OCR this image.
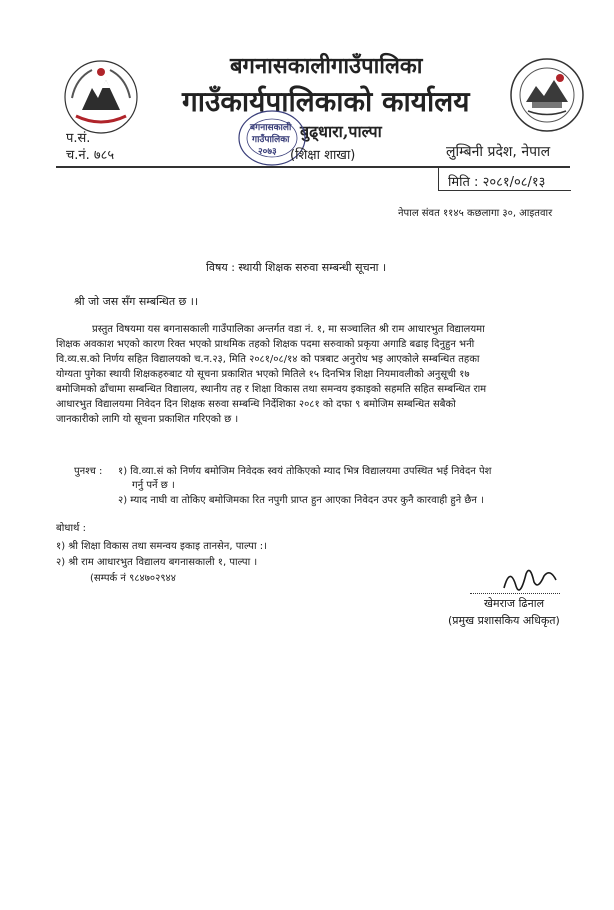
बगनासकालीगाउँपालिका
गाउँकार्यपालिकाको कार्यालय
बुढ्धारा,पाल्पा
बगनासकाली
गाउँपालिका
२०७३ (शिक्षा शाखा)	लुम्बिनी प्रदेश, नेपाल
प.सं.
च.नं. ७८५
मिति : २०८१/०८/१३
नेपाल संवत ११४५ कछलागा ३०, आइतवार
विषय : स्थायी शिक्षक सरुवा सम्बन्धी सूचना ।
श्री जो जस सँग सम्बन्धित छ ।।
प्रस्तुत विषयमा यस बगनासकाली गाउँपालिका अन्तर्गत वडा नं. १, मा सञ्चालित श्री राम आधारभुत विद्यालयमा
शिक्षक अवकाश भएको कारण रिक्त भएको प्राथमिक तहको शिक्षक पदमा सरुवाको प्रकृया अगाडि बढाइ दिनुहुन भनी
वि.व्य.स.को निर्णय सहित विद्यालयको च.न.२३, मिति २०८१/०८/१४ को पत्रबाट अनुरोध भइ आएकोले सम्बन्धित तहका
योग्यता पुगेका स्थायी शिक्षकहरुबाट यो सूचना प्रकाशित भएको मितिले १५ दिनभित्र शिक्षा नियमावलीको अनुसूची १७
बमोजिमको ढाँचामा सम्बन्धित विद्यालय, स्थानीय तह र शिक्षा विकास तथा समन्वय इकाइको सहमति सहित सम्बन्धित राम
आधारभुत विद्यालयमा निवेदन दिन शिक्षक सरुवा सम्बन्धि निर्देशिका २०८१ को दफा ९ बमोजिम सम्बन्धित सबैको
जानकारीको लागि यो सूचना प्रकाशित गरिएको छ ।
पुनश्च : १) वि.व्या.सं को निर्णय बमोजिम निवेदक स्वयं तोकिएको म्याद भित्र विद्यालयमा उपस्थित भई निवेदन पेश
गर्नु पर्ने छ ।
२) म्याद नाघी वा तोकिए बमोजिमका रित नपुगी प्राप्त हुन आएका निवेदन उपर कुनै कारवाही हुने छैन ।
बोधार्थ :
१) श्री शिक्षा विकास तथा समन्वय इकाइ तानसेन, पाल्पा :।
२) श्री राम आधारभुत विद्यालय बगनासकाली १, पाल्पा ।
(सम्पर्क नं ९८४७०२९४४
खेमराज ढिनाल
(प्रमुख प्रशासकिय अधिकृत)
